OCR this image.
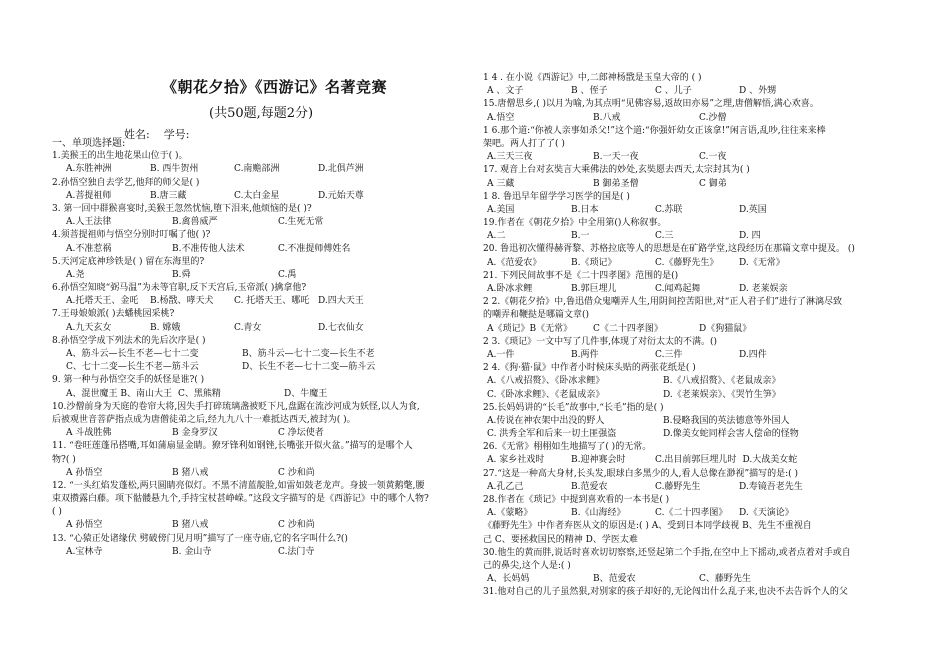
《朝花夕拾》《西游记》名著竞赛
(共50题,每题2分)
姓名: 学号:
一、单项选择题:
1.美猴王的出生地花果山位于( )。
A.东胜神洲	B. 西牛贺州	C.南赡部洲	D.北俱芦洲
2.孙悟空独自去学艺,他拜的师父是( )
A.菩提祖师	B.唐三藏	C.太白金星	D.元始天尊
3. 第一回中群猴喜宴时,美猴王忽然忧恼,堕下泪来,他烦恼的是( )?
A.人王法律	B.禽兽威严	C.生死无常
4.须菩提祖师与悟空分别时叮嘱了他( )?
A.不准惹祸	B.不准传他人法术	C.不准提师傅姓名
5.天河定底神珍铁是( ) 留在东海里的?
A.尧	B.舜	C.禹
6.孙悟空知晓“弼马温”为未等官职,反下天宫后,玉帝派( )擒拿他?
A.托塔天王、金吒 B.杨戬、哮天犬 C. 托塔天王、哪吒 D.四大天王
7.王母娘娘派( )去蟠桃园采桃?
A.九天玄女	B. 嫦娥	C.青女	D.七衣仙女
8.孙悟空学成下列法术的先后次序是( )
A、筋斗云—长生不老—七十二变	B、筋斗云—七十二变—长生不老
C、七十二变—长生不老—筋斗云	D、长生不老—七十二变—筋斗云
9. 第一种与孙悟空交手的妖怪是谁?( )
A、混世魔王 B、南山大王 C、黑熊精	D、牛魔王
10.沙僧前身为天庭的卷帘大将,因失手打碎琉璃盏被贬下凡,盘踞在流沙河成为妖怪,以人为食,
后被观世音菩萨指点成为唐僧徒弟之后,经九九八十一难抵达西天,被封为( )。
A 斗战胜佛	B 金身罗汉	C 净坛使者
11. “卷旺莲蓬吊搭嘴,耳如蒲扇显金睛。獠牙锋利如钢锉,长嘴张开似火盆。”描写的是哪个人
物?( )
A 孙悟空	B 猪八戒	C 沙和尚
12. “一头红焰发蓬松,两只圆睛亮似灯。不黑不清蓝靛脸,如雷如鼓老龙声。身披一领黄鹅氅,腰
束双攒露白藤。项下骷髅悬九个,手持宝杖甚峥嵘。”这段文字描写的是《西游记》中的哪个人物?
( )
A 孙悟空	B 猪八戒	C 沙和尚
13. “心猿正处诸缘伏 劈破傍门见月明”描写了一座寺庙,它的名字叫什么?()
A.宝林寺	B. 金山寺	C.法门寺
1 4 . 在小说《西游记》中,二郎神杨戬是玉皇大帝的 ( )
A 、文子	B 、侄子	C 、儿子	D 、外甥
15.唐僧思乡,( )以月为喻,为其点明“见佛容易,返故田亦易”之理,唐僧解悟,满心欢喜。
A.悟空	B.八戒	C.沙僧
1 6.那个道:“你被人亲事如杀父!”这个道:“你强奸幼女正该拿!”闲言语,乱吵,往往来来棒
架吧。两人打了了( )
A.三天三夜	B.一天一夜	C.一夜
17. 观音上台对玄奘言大乘佛法的妙处,玄奘愿去西天,太宗封其为( )
A 三藏	B 御弟圣僧	C 御弟
1 8. 鲁迅早年留学学习医学的国是( )
A.美国	B.日本	C.苏联	D.英国
19.作者在《朝花夕拾》中全用第()人称叙事。
A.二	B.一	C.三	D. 四
20. 鲁迅初次懂得赫胥黎、苏格拉底等人的思想是在矿路学堂,这段经历在那篇文章中提及。 ()
A.《范爱农》	B.《琐记》	C.《藤野先生》 D.《无常》
21. 下列民间故事不是《二十四孝图》范围的是()
A.卧冰求鲤	B.郭巨埋儿	C.闻鸡起舞	D. 老莱娱亲
2 2.《朝花夕拾》中,鲁迅借众鬼嘲弄人生,用阴间控苦阳世,对“正人君子们”进行了淋漓尽致
的嘲弄和鞭挞是哪篇文章()
A《琐记》B《无常》 C《二十四孝图》	D《狗猫鼠》
2 3.《琐记》一文中写了几件事,体现了对衍太太的不满。()
A.一件	B.两件	C.三件	D.四件
2 4.《狗·猫·鼠》中作者小时候床头贴的两张花纸是( )
A.《八戒招赘》、《卧冰求鲤》	B.《八戒招赘》、《老鼠成亲》
C.《卧冰求鲤》、《老鼠成亲》	D.《老莱娱亲》、《哭竹生笋》
25.长妈妈讲的“长毛”故事中,“长毛”指的是( )
A.传说在神农架中出没的野人	B.侵略我国的英法德意等外国人
C. 洪秀全军和后来一切土匪强盗	D.像美女蛇同样会害人偿命的怪物
26.《无常》栩栩如生地描写了( )的无常。
A. 家乡社戏时	B.迎神赛会时	C.出目前郭巨埋儿时 D.大战美女蛇
27.“这是一种高大身材,长头发,眼球白多黑少的人,看人总像在渺视”描写的是:( )
A.孔乙己	B.范爱农	C.藤野先生	D.寿镜吾老先生
28.作者在《琐记》中提到喜欢看的一本书是( )
A.《蒙略》	B.《山海经》	C.《二十四孝图》 D.《天演论》
《藤野先生》中作者弃医从文的原因是:( ) A、受到日本同学歧视 B、先生不重视自
己 C、要拯救国民的精神 D、学医太难
30.他生的黄而胖,说话时喜欢切切察察,还竖起第二个手指,在空中上下摇动,或者点着对手或自
己的鼻尖,这个人是:( )
A、长妈妈	B、范爱农	C、藤野先生
31.他对自己的儿子虽然狠,对别家的孩子却好的,无论闯出什么乱子来,也决不去告诉个人的父
